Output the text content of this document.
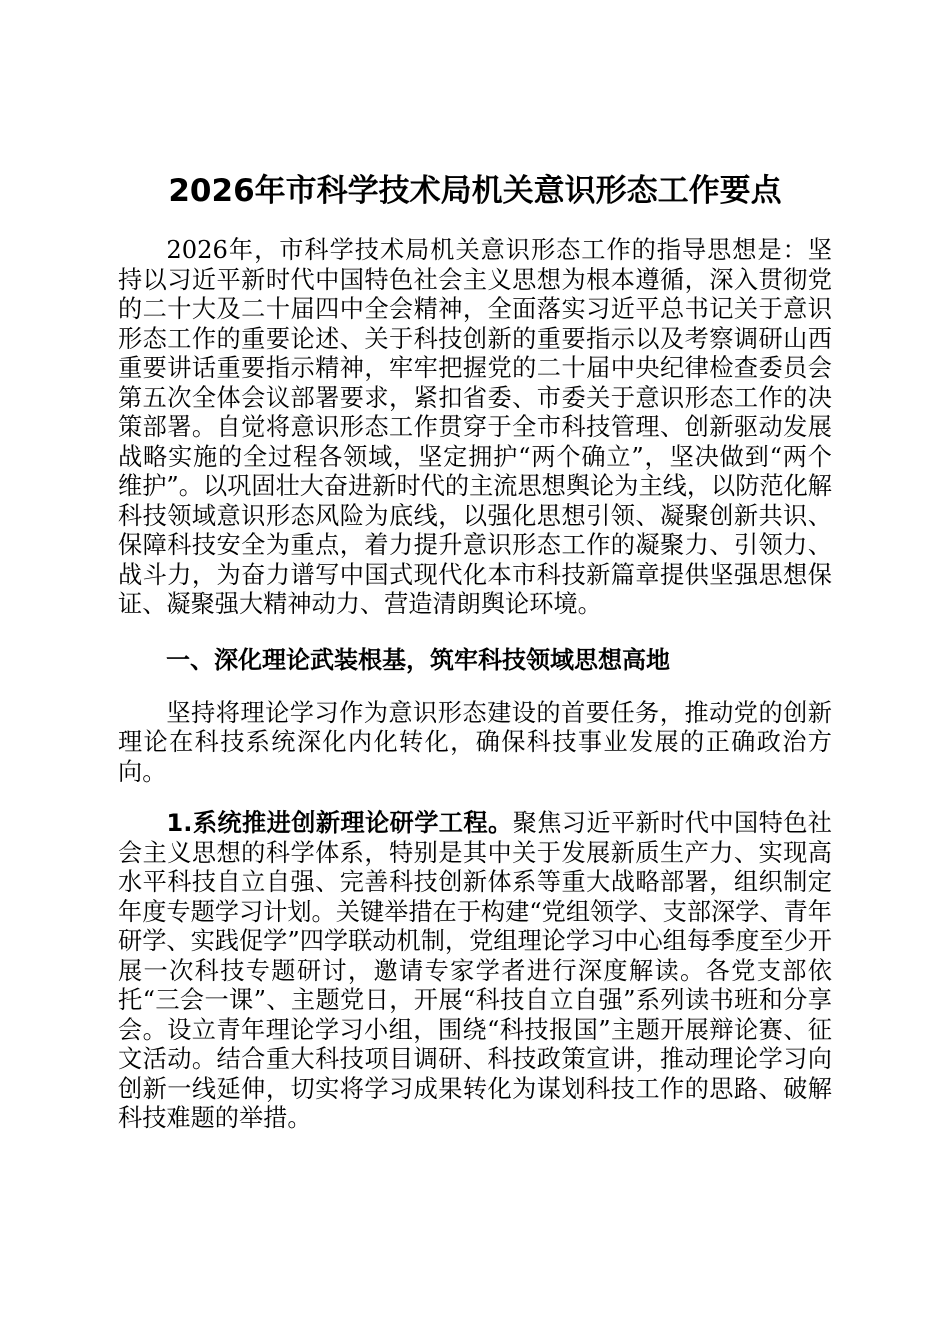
2026年市科学技术局机关意识形态工作要点

2026年，市科学技术局机关意识形态工作的指导思想是：坚持以习近平新时代中国特色社会主义思想为根本遵循，深入贯彻党的二十大及二十届四中全会精神，全面落实习近平总书记关于意识形态工作的重要论述、关于科技创新的重要指示以及考察调研山西重要讲话重要指示精神，牢牢把握党的二十届中央纪律检查委员会第五次全体会议部署要求，紧扣省委、市委关于意识形态工作的决策部署。自觉将意识形态工作贯穿于全市科技管理、创新驱动发展战略实施的全过程各领域，坚定拥护“两个确立”，坚决做到“两个维护”。以巩固壮大奋进新时代的主流思想舆论为主线，以防范化解科技领域意识形态风险为底线，以强化思想引领、凝聚创新共识、保障科技安全为重点，着力提升意识形态工作的凝聚力、引领力、战斗力，为奋力谱写中国式现代化本市科技新篇章提供坚强思想保证、凝聚强大精神动力、营造清朗舆论环境。

一、深化理论武装根基，筑牢科技领域思想高地

坚持将理论学习作为意识形态建设的首要任务，推动党的创新理论在科技系统深化内化转化，确保科技事业发展的正确政治方向。

1.系统推进创新理论研学工程。聚焦习近平新时代中国特色社会主义思想的科学体系，特别是其中关于发展新质生产力、实现高水平科技自立自强、完善科技创新体系等重大战略部署，组织制定年度专题学习计划。关键举措在于构建“党组领学、支部深学、青年研学、实践促学”四学联动机制，党组理论学习中心组每季度至少开展一次科技专题研讨，邀请专家学者进行深度解读。各党支部依托“三会一课”、主题党日，开展“科技自立自强”系列读书班和分享会。设立青年理论学习小组，围绕“科技报国”主题开展辩论赛、征文活动。结合重大科技项目调研、科技政策宣讲，推动理论学习向创新一线延伸，切实将学习成果转化为谋划科技工作的思路、破解科技难题的举措。
